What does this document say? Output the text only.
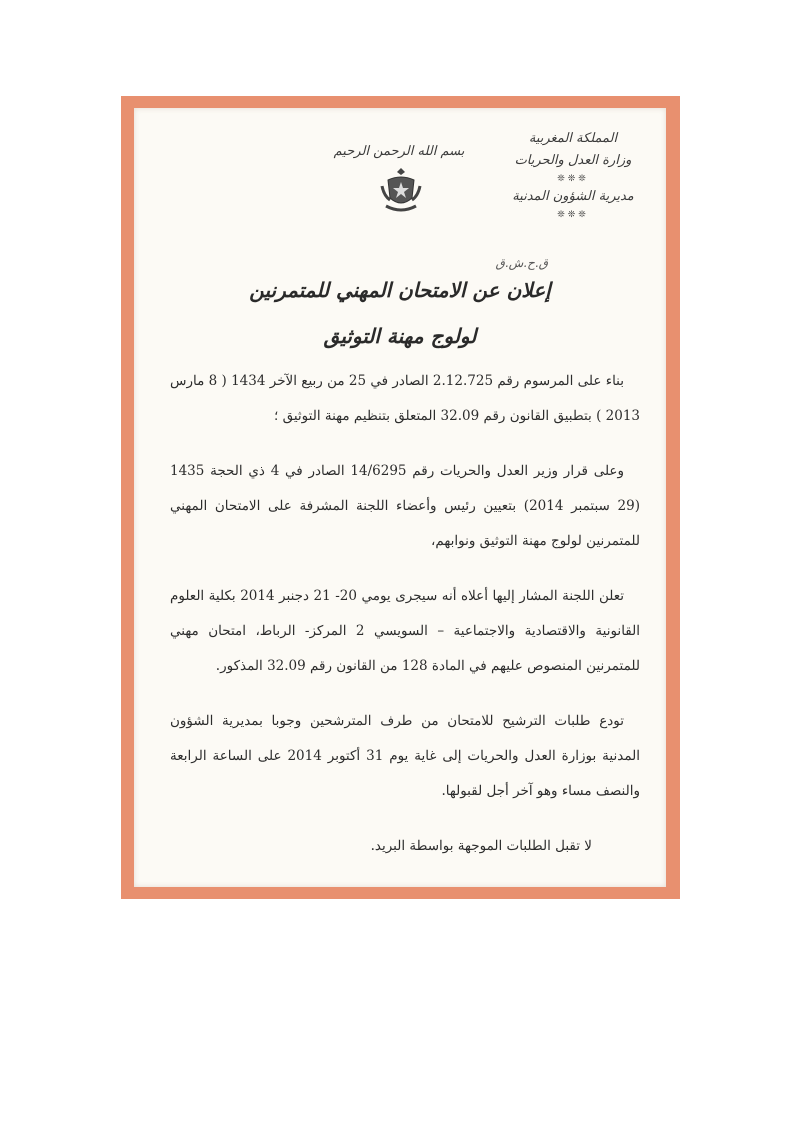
المملكة المغربية
وزارة العدل والحريات
❊❊❊
مديرية الشؤون المدنية
❊❊❊
ق.ح.ش.ق
بسم الله الرحمن الرحيم
إعلان عن الامتحان المهني للمتمرنين
لولوج مهنة التوثيق

بناء على المرسوم رقم 2.12.725 الصادر في 25 من ربيع الآخر 1434 ( 8 مارس 2013 ) بتطبيق القانون رقم 32.09 المتعلق بتنظيم مهنة التوثيق ؛

وعلى قرار وزير العدل والحريات رقم 14/6295 الصادر في 4 ذي الحجة 1435 (29 سبتمبر 2014) بتعيين رئيس وأعضاء اللجنة المشرفة على الامتحان المهني للمتمرنين لولوج مهنة التوثيق ونوابهم،

تعلن اللجنة المشار إليها أعلاه أنه سيجرى يومي 20- 21 دجنبر 2014 بكلية العلوم القانونية والاقتصادية والاجتماعية – السويسي 2 المركز- الرباط، امتحان مهني للمتمرنين المنصوص عليهم في المادة 128 من القانون رقم 32.09 المذكور.

تودع طلبات الترشيح للامتحان من طرف المترشحين وجوبا بمديرية الشؤون المدنية بوزارة العدل والحريات إلى غاية يوم 31 أكتوبر 2014 على الساعة الرابعة والنصف مساء وهو آخر أجل لقبولها.

لا تقبل الطلبات الموجهة بواسطة البريد.
